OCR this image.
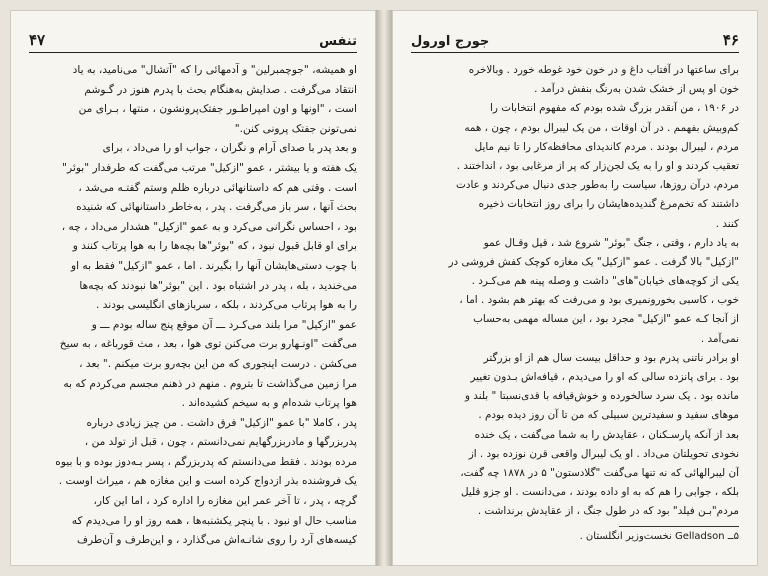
۴۷	تنفس
او همیشه، "جوچمبرلین" و آدمهائی را که "آتشال" می‌نامید، به یاد
انتقاد می‌گرفت . صدایش به‌هنگام بحث با پدرم هنوز در گـوشم
است ، "اونها و اون امپراطـور جفتک‌پرونشون ، منتها ، بـرای من
نمی‌تونن جفتک پرونی کنن."
و بعد پدر با صدای آرام و نگران ، جواب او را می‌داد ، برای
یک هفته و یا بیشتر ، عمو "ازکیل" مرتب می‌گفت که طرفدار "بوئر"
است . وقتی هم که داستانهائی درباره ظلم وستم گفتـه می‌شد ،
بحث آنها ، سر باز می‌گرفت . پدر ، به‌خاطر داستانهائی که شنیده
بود ، احساس نگرانی می‌کرد و به عمو "ازکیل" هشدار می‌داد ، چه ،
برای او قابل قبول نبود ، که "بوئر"ها بچه‌ها را به هوا پرتاب کنند و
با چوب دستی‌هایشان آنها را بگیرند . اما ، عمو "ازکیل" فقط به او
می‌خندید ، بله ، پدر در اشتباه بود . این "بوئر"ها نبودند که بچه‌ها
را به هوا پرتاب می‌کردند ، بلکه ، سربازهای انگلیسی بودند .
عمو "ازکیل" مرا بلند می‌کـرد ـــ آن موقع پنج ساله بودم ـــ و
می‌گفت "اونـهارو برت می‌کنن توی هوا ، بعد ، مث قورباغه ، به سیخ
می‌کشن . درست اینجوری که من این بچه‌رو برت میکنم ." بعد ،
مرا زمین می‌گذاشت تا بتروم . منهم در ذهنم مجسم می‌کردم که به
هوا پرتاب شده‌ام و به سیخم کشیده‌اند .
پدر ، کاملا "با عمو "ازکیل" فرق داشت . من چیز زیادی درباره
پدربزرگها و مادربزرگهایم نمی‌دانستم ، چون ، قبل از تولد من ،
مرده بودند . فقط می‌دانستم که پدربزرگم ، پسر بـه‌دوز بوده و با بیوه
یک فروشنده بذر ازدواج کرده است و این مغازه هم ، میراث اوست .
گرچه ، پدر ، تا آخر عمر این مغازه را اداره کرد ، اما این کار،
مناسب حال او نبود . با پنچر یکشنبه‌ها ، همه روز او را می‌دیدم که
کیسه‌های آرد را روی شانـه‌اش می‌گذارد ، و این‌طرف و آن‌طرف
جورج اورول	۴۶
برای ساعتها در آفتاب داغ و در خون خود غوطه خورد . وبالاخره
خون او پس از خشک شدن به‌رنگ بنفش درآمد .
در ۱۹۰۶ ، من آنقدر بزرگ شده بودم که مفهوم انتخابات را
کم‌وبیش بفهمم . در آن اوقات ، من یک لیبرال بودم ، چون ، همه
مردم ، لیبرال بودند . مردم کاندیدای محافظه‌کار را تا نیم مایل
تعقیب کردند و او را به یک لجن‌زار که پر از مرغابی بود ، انداختند .
مردم، درآن روزها، سیاست را به‌طور جدی دنبال می‌کردند و عادت
داشتند که تخم‌مرغ گندیده‌هایشان را برای روز انتخابات ذخیره
کنند .
به یاد دارم ، وقتی ، جنگ "بوئر" شروع شد ، قیل وقـال عمو
"ازکیل" بالا گرفت . عمو "ازکیل" یک مغازه کوچک کفش فروشی در
یکی از کوچه‌های خیابان"های" داشت و وصله پینه هم می‌کـرد .
خوب ، کاسبی بخورونمیری بود و می‌رفت که بهتر هم بشود . اما ،
از آنجا کـه عمو "ازکیل" مجرد بود ، این مساله مهمی به‌حساب
نمی‌آمد .
او برادر ناتنی پدرم بود و حداقل بیست سال هم از او بزرگتر
بود . برای پانزده سالی که او را می‌دیدم ، قیافه‌اش بـدون تغییر
مانده بود . یک سرد سالخورده و خوش‌قیافه با قدی‌نسبتا " بلند و
موهای سفید و سفیدترین سبیلی که من تا آن روز دیده بودم .
بعد از آنکه پارسـکنان ، عقایدش را به شما می‌گفت ، یک خنده
نخودی تحویلتان می‌داد . او یک لیبرال واقعی قرن نوزده بود . از
آن لیبرالهائی که نه تنها می‌گفت "گلادستون" ۵ در ۱۸۷۸ چه گفت،
بلکه ، جوابی را هم که به او داده بودند ، می‌دانست . او جزو قلیل
مردم"بـن فیلد" بود که در طول جنگ ، از عقایدش برنداشت .
۵ــ Gelladson نخست‌وزیر انگلستان .
